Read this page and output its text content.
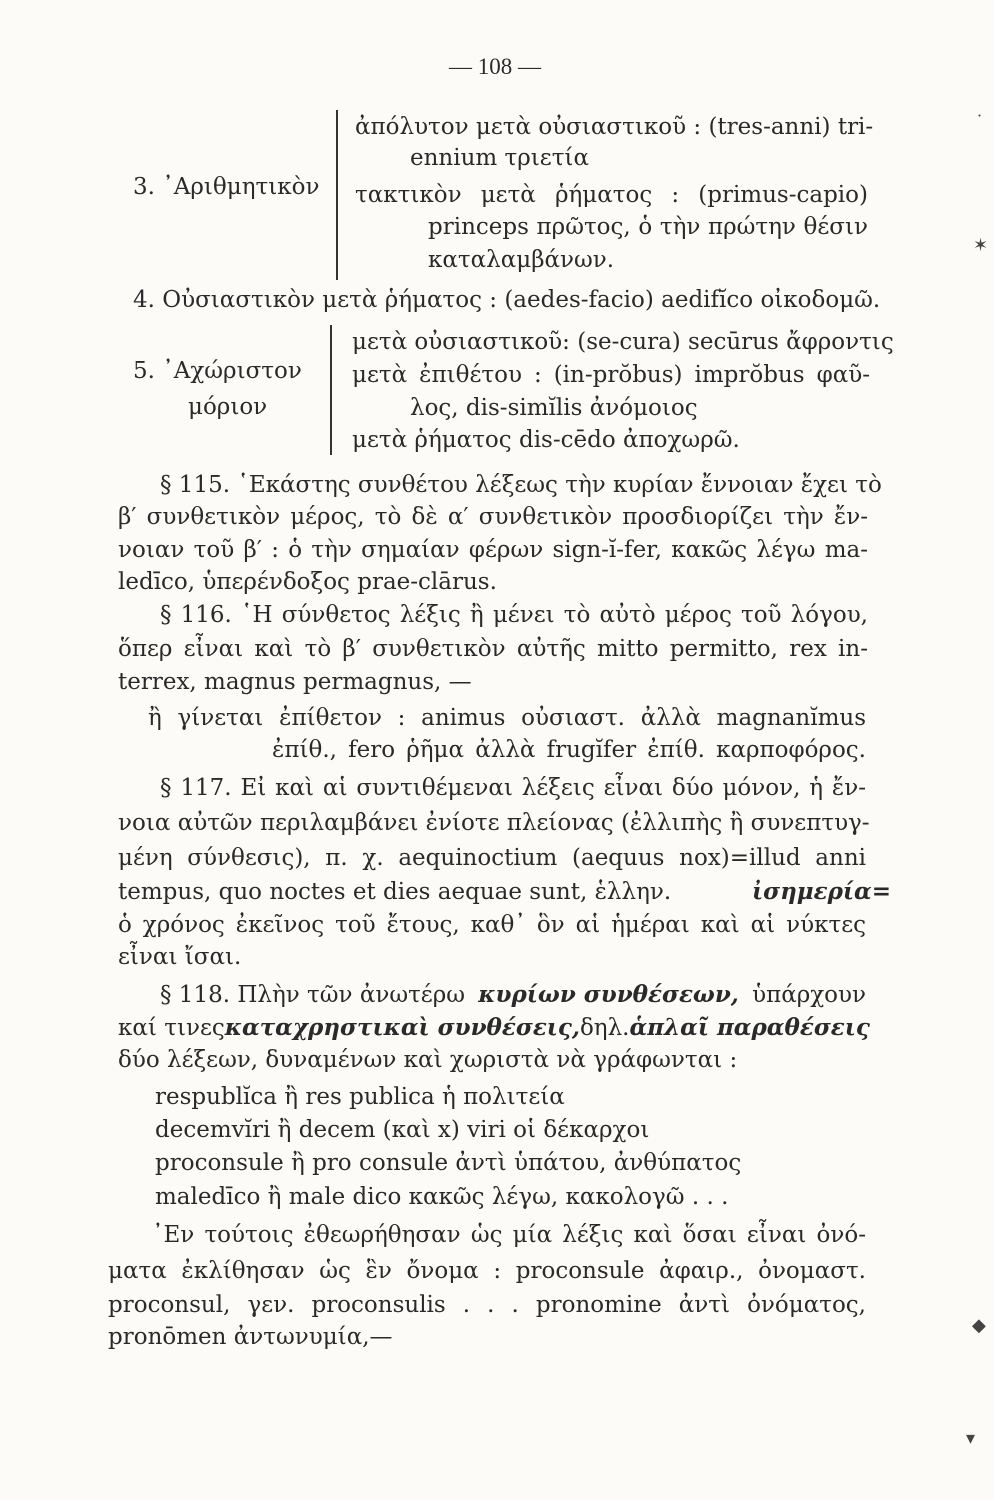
— 108 —
3. ᾿Αριθμητικὸν
ἀπόλυτον μετὰ οὐσιαστικοῦ : (tres-anni) tri-
ennium τριετία
τακτικὸν μετὰ ῥήματος : (primus-capio)
princeps πρῶτος, ὁ τὴν πρώτην θέσιν
καταλαμβάνων.
4. Οὐσιαστικὸν μετὰ ῥήματος : (aedes-facio) aedifĭco οἰκοδομῶ.
5. ᾿Αχώριστον
μόριον
μετὰ οὐσιαστικοῦ: (se-cura) secūrus ἄφροντις
μετὰ ἐπιθέτου : (in-prŏbus) imprŏbus φαῦ-
λος, dis-simĭlis ἀνόμοιος
μετὰ ῥήματος dis-cēdo ἀποχωρῶ.
§ 115. ῾Εκάστης συνθέτου λέξεως τὴν κυρίαν ἔννοιαν ἔχει τὸ
β′ συνθετικὸν μέρος, τὸ δὲ α′ συνθετικὸν προσδιορίζει τὴν ἔν-
νοιαν τοῦ β′ : ὁ τὴν σημαίαν φέρων sign-ĭ-fer, κακῶς λέγω ma-
ledīco, ὑπερένδοξος prae-clārus.
§ 116. ῾Η σύνθετος λέξις ἢ μένει τὸ αὐτὸ μέρος τοῦ λόγου,
ὅπερ εἶναι καὶ τὸ β′ συνθετικὸν αὐτῆς mitto permitto, rex in-
terrex, magnus permagnus, —
ἢ γίνεται ἐπίθετον : animus οὐσιαστ. ἀλλὰ magnanĭmus
ἐπίθ., fero ῥῆμα ἀλλὰ frugĭfer ἐπίθ. καρποφόρος.
§ 117. Εἰ καὶ αἱ συντιθέμεναι λέξεις εἶναι δύο μόνον, ἡ ἔν-
νοια αὐτῶν περιλαμβάνει ἐνίοτε πλείονας (ἐλλιπὴς ἢ συνεπτυγ-
μένη σύνθεσις), π. χ. aequinoctium (aequus nox)=illud anni
tempus, quo noctes et dies aequae sunt, ἑλλην.	ἰσημερία=
ὁ χρόνος ἐκεῖνος τοῦ ἔτους, καθ᾿ ὃν αἱ ἡμέραι καὶ αἱ νύκτες
εἶναι ἴσαι.
§ 118. Πλὴν τῶν ἀνωτέρω κυρίων συνθέσεων, ὑπάρχουν
καί τινες καταχρηστικαὶ συνθέσεις, δηλ. ἁπλαῖ παραθέσεις
δύο λέξεων, δυναμένων καὶ χωριστὰ νὰ γράφωνται :
respublĭca ἢ res publica ἡ πολιτεία
decemvĭri ἢ decem (καὶ x) viri οἱ δέκαρχοι
proconsule ἢ pro consule ἀντὶ ὑπάτου, ἀνθύπατος
maledīco ἢ male dico κακῶς λέγω, κακολογῶ . . .
᾿Εν τούτοις ἐθεωρήθησαν ὡς μία λέξις καὶ ὅσαι εἶναι ὀνό-
ματα ἐκλίθησαν ὡς ἓν ὄνομα : proconsule ἀφαιρ., ὀνομαστ.
proconsul, γεν. proconsulis . . . pronomine ἀντὶ ὀνόματος,
pronōmen ἀντωνυμία,—
˙
✶
◆
▾
